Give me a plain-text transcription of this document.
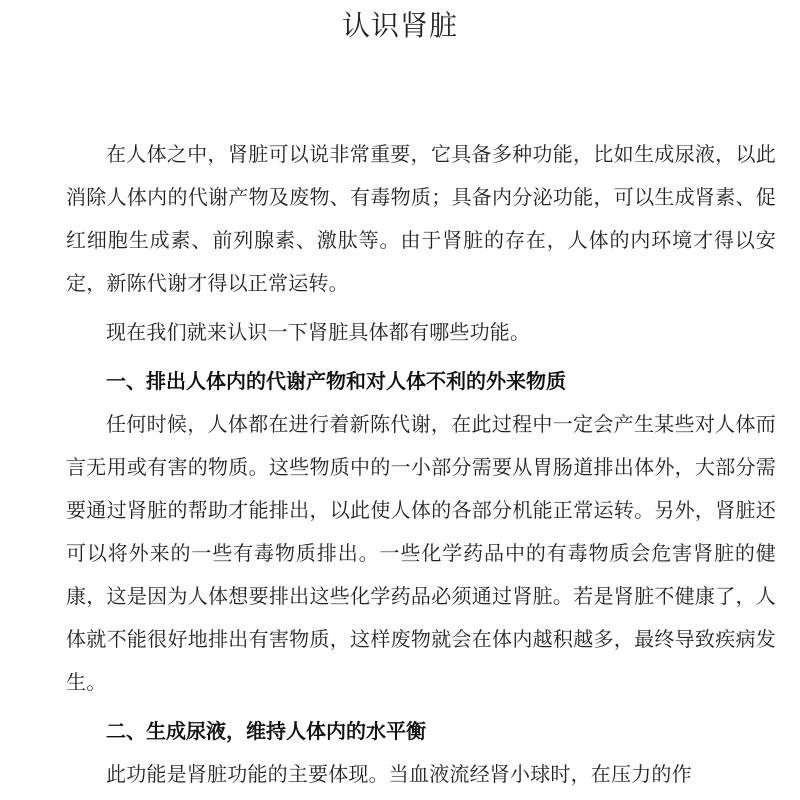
认识肾脏

在人体之中，肾脏可以说非常重要，它具备多种功能，比如生成尿液，以此消除人体内的代谢产物及废物、有毒物质；具备内分泌功能，可以生成肾素、促红细胞生成素、前列腺素、激肽等。由于肾脏的存在，人体的内环境才得以安定，新陈代谢才得以正常运转。

现在我们就来认识一下肾脏具体都有哪些功能。

一、排出人体内的代谢产物和对人体不利的外来物质

任何时候，人体都在进行着新陈代谢，在此过程中一定会产生某些对人体而言无用或有害的物质。这些物质中的一小部分需要从胃肠道排出体外，大部分需要通过肾脏的帮助才能排出，以此使人体的各部分机能正常运转。另外，肾脏还可以将外来的一些有毒物质排出。一些化学药品中的有毒物质会危害肾脏的健康，这是因为人体想要排出这些化学药品必须通过肾脏。若是肾脏不健康了，人体就不能很好地排出有害物质，这样废物就会在体内越积越多，最终导致疾病发生。

二、生成尿液，维持人体内的水平衡

此功能是肾脏功能的主要体现。当血液流经肾小球时，在压力的作
